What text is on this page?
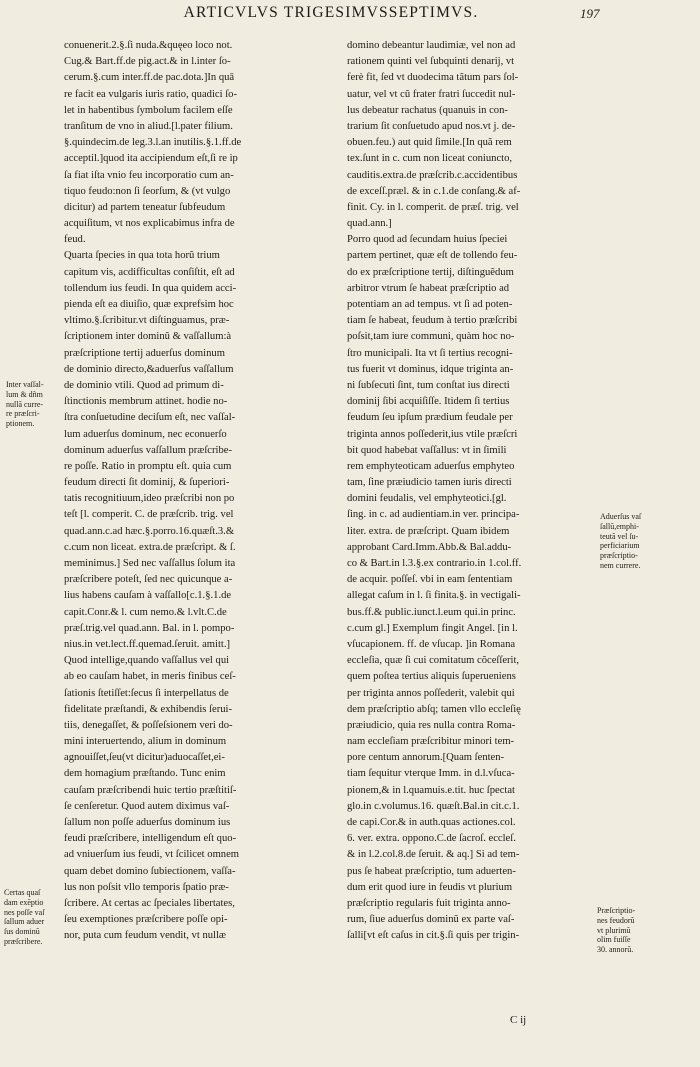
ARTICVLVS TRIGESIMVSSEPTIMVS.	197
conuenerit.2.§.ſi nuda.&quęeo loco not.
Cug.& Bart.ff.de pig.act.& in l.inter ſo-
cerum.§.cum inter.ff.de pac.dota.]In quā
re facit ea vulgaris iuris ratio, quadici ſo-
let in habentibus ſymbolum facilem eſſe
tranſitum de vno in aliud.[l.pater filium.
§.quindecim.de leg.3.l.an inutilis.§.1.ff.de
acceptil.]quod ita accipiendum eſt,ſi re ip
ſa fiat iſta vnio feu incorporatio cum an-
tiquo feudo:non ſi ſeorſum, & (vt vulgo
dicitur) ad partem teneatur ſubfeudum
acquiſitum, vt nos explicabimus infra de
feud.
Quarta ſpecies in qua tota horũ trium
capitum vis, acdifficultas conſiſtit, eſt ad
tollendum ius feudi. In qua quidem acci-
pienda eſt ea diuiſio, quæ exprefsim hoc
vltimo.§.ſcribitur.vt diſtinguamus, præ-
ſcriptionem inter dominũ & vaſſallum:à
præſcriptione tertij aduerſus dominum
de dominio directo,&aduerſus vaſſallum
de dominio vtili. Quod ad primum di-
ſtinctionis membrum attinet. hodie no-
ſtra conſuetudine deciſum eſt, nec vaſſal-
lum aduerſus dominum, nec econuerſo
dominum aduerſus vaſſallum præſcribe-
re poſſe. Ratio in promptu eſt. quia cum
feudum directi ſit dominij, & ſuperiori-
tatis recognitiuum,ideo præſcribi non po
teſt [l. comperit. C. de præſcrib. trig. vel
quad.ann.c.ad hæc.§.porro.16.quæſt.3.&
c.cum non liceat. extra.de præſcript. & ſ.
meminimus.] Sed nec vaſſallus ſolum ita
præſcribere poteſt, ſed nec quicunque a-
lius habens cauſam à vaſſallo[c.1.§.1.de
capit.Conr.& l. cum nemo.& l.vlt.C.de
præſ.trig.vel quad.ann. Bal. in l. pompo-
nius.in vet.lect.ff.quemad.ſeruit. amitt.]
Quod intellige,quando vaſſallus vel qui
ab eo cauſam habet, in meris finibus ceſ-
ſationis ſtetiſſet:ſecus ſi interpellatus de
fidelitate præſtandi, & exhibendis ſerui-
tiis, denegaſſet, & poſſeſsionem veri do-
mini interuertendo, alium in dominum
agnouiſſet,ſeu(vt dicitur)aduocaſſet,ei-
dem homagium præſtando. Tunc enim
cauſam præſcribendi huic tertio præſtitiſ-
ſe cenſeretur. Quod autem diximus vaſ-
ſallum non poſſe aduerſus dominum ius
feudi præſcribere, intelligendum eſt quo-
ad vniuerſum ius feudi, vt ſcilicet omnem
quam debet domino ſubiectionem, vaſſa-
lus non poſsit vllo temporis ſpatio præ-
ſcribere. At certas ac ſpeciales libertates,
ſeu exemptiones præſcribere poſſe opi-
nor, puta cum feudum vendit, vt nullæ
domino debeantur laudimiæ, vel non ad
rationem quinti vel ſubquinti denarij, vt
ferè fit, ſed vt duodecima tãtum pars ſol-
uatur, vel vt cũ frater fratri ſuccedit nul-
lus debeatur rachatus (quanuis in con-
trarium ſit conſuetudo apud nos.vt j. de-
obuen.feu.) aut quid ſimile.[In quã rem
tex.ſunt in c. cum non liceat coniuncto,
cauditis.extra.de præſcrib.c.accidentibus
de exceſſ.præl. & in c.1.de conſang.& af-
finit. Cy. in l. comperit. de præſ. trig. vel
quad.ann.]
Porro quod ad ſecundam huius ſpeciei
partem pertinet, quæ eſt de tollendo feu-
do ex præſcriptione tertij, diſtinguẽdum
arbitror vtrum ſe habeat præſcriptio ad
potentiam an ad tempus. vt ſi ad poten-
tiam ſe habeat, feudum à tertio præſcribi
poſsit,tam iure communi, quàm hoc no-
ſtro municipali. Ita vt ſi tertius recogni-
tus fuerit vt dominus, idque triginta an-
ni ſubſecuti ſint, tum conſtat ius directi
dominij ſibi acquiſiſſe. Itidem ſi tertius
feudum ſeu ipſum prædium feudale per
triginta annos poſſederit,ius vtile præſcri
bit quod habebat vaſſallus: vt in ſimili
rem emphyteoticam aduerſus emphyteo
tam, ſine præiudicio tamen iuris directi
domini feudalis, vel emphyteotici.[gl.
ſing. in c. ad audientiam.in ver. principa-
liter. extra. de præſcript. Quam ibidem
approbant Card.Imm.Abb.& Bal.addu-
co & Bart.in l.3.§.ex contrario.in 1.col.ff.
de acquir. poſſeſ. vbi in eam ſententiam
allegat caſum in l. ſi finita.§. in vectigali-
bus.ff.& public.iunct.l.eum qui.in princ.
c.cum gl.] Exemplum fingit Angel. [in l.
vſucapionem. ff. de vſucap. ]in Romana
eccleſia, quæ ſi cui comitatum cõceſſerit,
quem poſtea tertius aliquis ſuperueniens
per triginta annos poſſederit, valebit qui
dem præſcriptio abſq; tamen vllo eccleſię
præiudicio, quia res nulla contra Roma-
nam eccleſiam præſcribitur minori tem-
pore centum annorum.[Quam ſenten-
tiam ſequitur vterque Imm. in d.l.vſuca-
pionem,& in l.quamuis.e.tit. huc ſpectat
glo.in c.volumus.16. quæſt.Bal.in cit.c.1.
de capi.Cor.& in auth.quas actiones.col.
6. ver. extra. oppono.C.de ſacroſ. eccleſ.
& in l.2.col.8.de ſeruit. & aq.] Si ad tem-
pus ſe habeat præſcriptio, tum aduerten-
dum erit quod iure in feudis vt plurium
præſcriptio regularis fuit triginta anno-
rum, ſiue aduerſus dominũ ex parte vaſ-
ſalli[vt eſt caſus in cit.§.ſi quis per trigin-
Inter vaſſal-
lum & dñm
nullā curre-
re præſcri-
ptionem.
Certas quaſ
dam exēptio
nes poſſe vaſ
ſallum aduer
ſus dominũ
præſcribere.
Aduerſus vaſ
ſallũ,emphi-
teutã vel ſu-
perficiarium
præſcriptio-
nem currere.
Præſcriptio-
nes feudorũ
vt plurimũ
olim fuiſſe
30. annorũ.
C ij
